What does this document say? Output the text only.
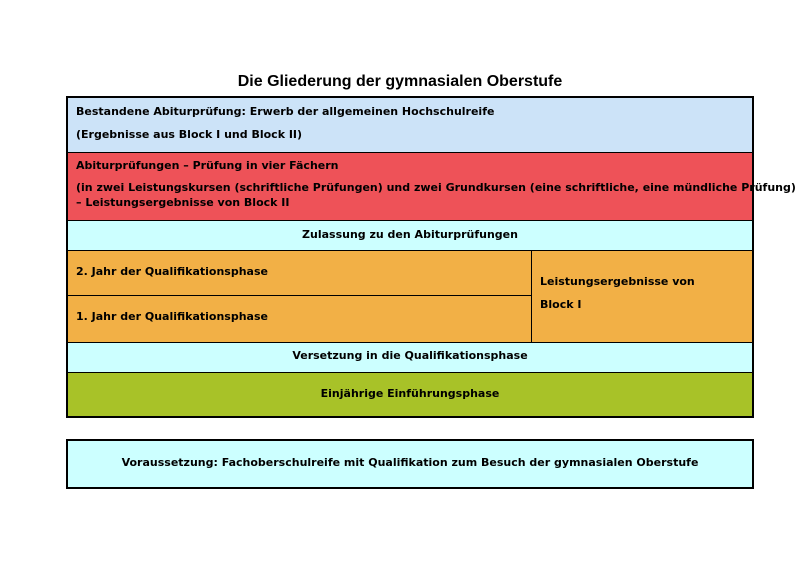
Die Gliederung der gymnasialen Oberstufe
Bestandene Abiturprüfung: Erwerb der allgemeinen Hochschulreife
(Ergebnisse aus Block I und Block II)
Abiturprüfungen – Prüfung in vier Fächern
(in zwei Leistungskursen (schriftliche Prüfungen) und zwei Grundkursen (eine schriftliche, eine mündliche Prüfung)
– Leistungsergebnisse von Block II
Zulassung zu den Abiturprüfungen
2. Jahr der Qualifikationsphase
1. Jahr der Qualifikationsphase
Leistungsergebnisse von
Block I
Versetzung in die Qualifikationsphase
Einjährige Einführungsphase
Voraussetzung: Fachoberschulreife mit Qualifikation zum Besuch der gymnasialen Oberstufe
